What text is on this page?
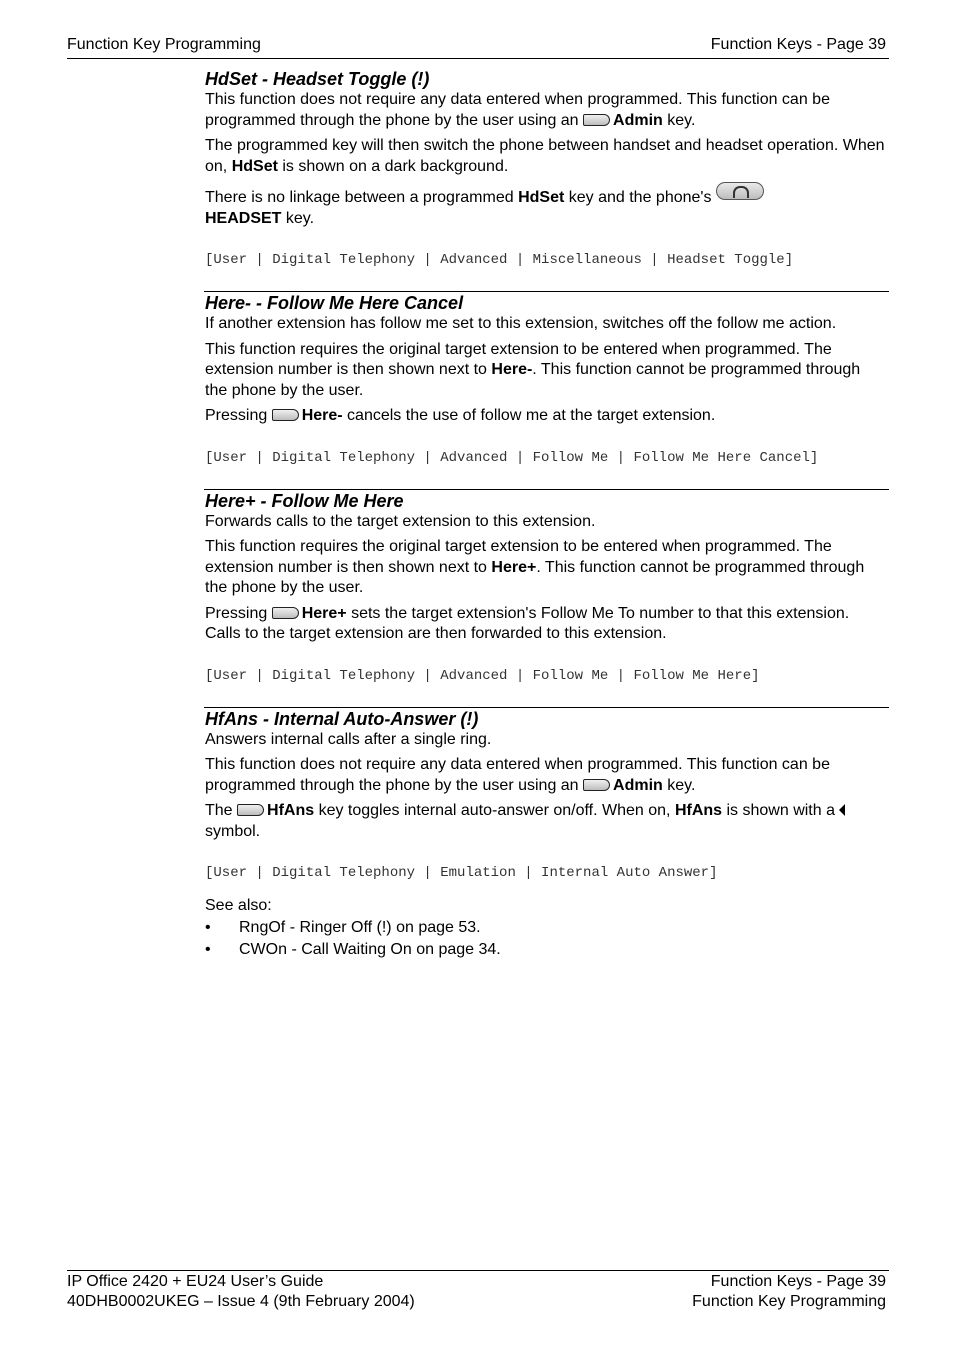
Function Key Programming	Function Keys - Page 39
HdSet - Headset Toggle (!)

This function does not require any data entered when programmed. This function can be programmed through the phone by the user using an Admin key.

The programmed key will then switch the phone between handset and headset operation. When on, HdSet is shown on a dark background.

There is no linkage between a programmed HdSet key and the phone's
HEADSET key.

[User | Digital Telephony | Advanced | Miscellaneous | Headset Toggle]

Here- - Follow Me Here Cancel

If another extension has follow me set to this extension, switches off the follow me action.

This function requires the original target extension to be entered when programmed. The extension number is then shown next to Here-. This function cannot be programmed through the phone by the user.

Pressing Here- cancels the use of follow me at the target extension.

[User | Digital Telephony | Advanced | Follow Me | Follow Me Here Cancel]

Here+ - Follow Me Here

Forwards calls to the target extension to this extension.

This function requires the original target extension to be entered when programmed. The extension number is then shown next to Here+. This function cannot be programmed through the phone by the user.

Pressing Here+ sets the target extension's Follow Me To number to that this extension. Calls to the target extension are then forwarded to this extension.

[User | Digital Telephony | Advanced | Follow Me | Follow Me Here]

HfAns - Internal Auto-Answer (!)

Answers internal calls after a single ring.

This function does not require any data entered when programmed. This function can be programmed through the phone by the user using an Admin key.

The HfAns key toggles internal auto-answer on/off. When on, HfAns is shown with a symbol.

[User | Digital Telephony | Emulation | Internal Auto Answer]

See also:

• RngOf - Ringer Off (!) on page 53.
• CWOn - Call Waiting On on page 34.
IP Office 2420 + EU24 User’s Guide	Function Keys - Page 39
40DHB0002UKEG – Issue 4 (9th February 2004)	Function Key Programming
